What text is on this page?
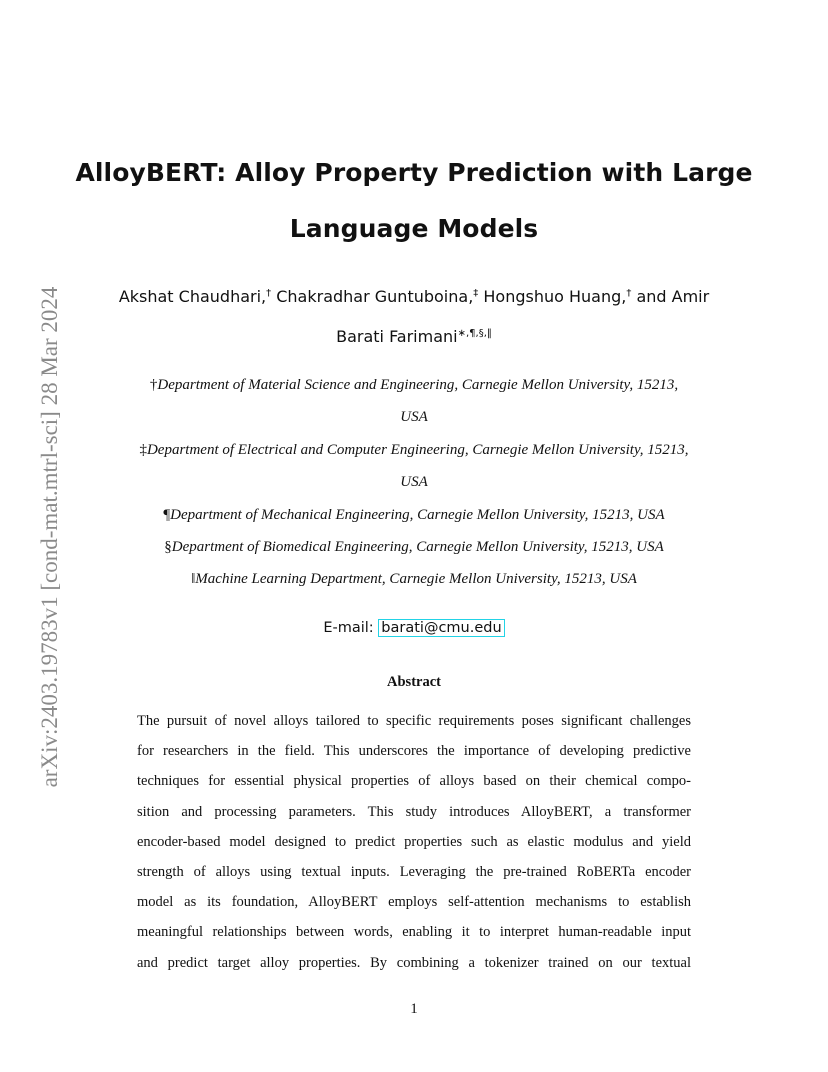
arXiv:2403.19783v1 [cond-mat.mtrl-sci] 28 Mar 2024
AlloyBERT: Alloy Property Prediction with Large
Language Models
Akshat Chaudhari,† Chakradhar Guntuboina,‡ Hongshuo Huang,† and Amir
Barati Farimani∗,¶,§,‖
†Department of Material Science and Engineering, Carnegie Mellon University, 15213,
USA
‡Department of Electrical and Computer Engineering, Carnegie Mellon University, 15213,
USA
¶Department of Mechanical Engineering, Carnegie Mellon University, 15213, USA
§Department of Biomedical Engineering, Carnegie Mellon University, 15213, USA
‖Machine Learning Department, Carnegie Mellon University, 15213, USA
E-mail: barati@cmu.edu
Abstract
The pursuit of novel alloys tailored to specific requirements poses significant challenges
for researchers in the field. This underscores the importance of developing predictive
techniques for essential physical properties of alloys based on their chemical compo-
sition and processing parameters. This study introduces AlloyBERT, a transformer
encoder-based model designed to predict properties such as elastic modulus and yield
strength of alloys using textual inputs. Leveraging the pre-trained RoBERTa encoder
model as its foundation, AlloyBERT employs self-attention mechanisms to establish
meaningful relationships between words, enabling it to interpret human-readable input
and predict target alloy properties. By combining a tokenizer trained on our textual
1
